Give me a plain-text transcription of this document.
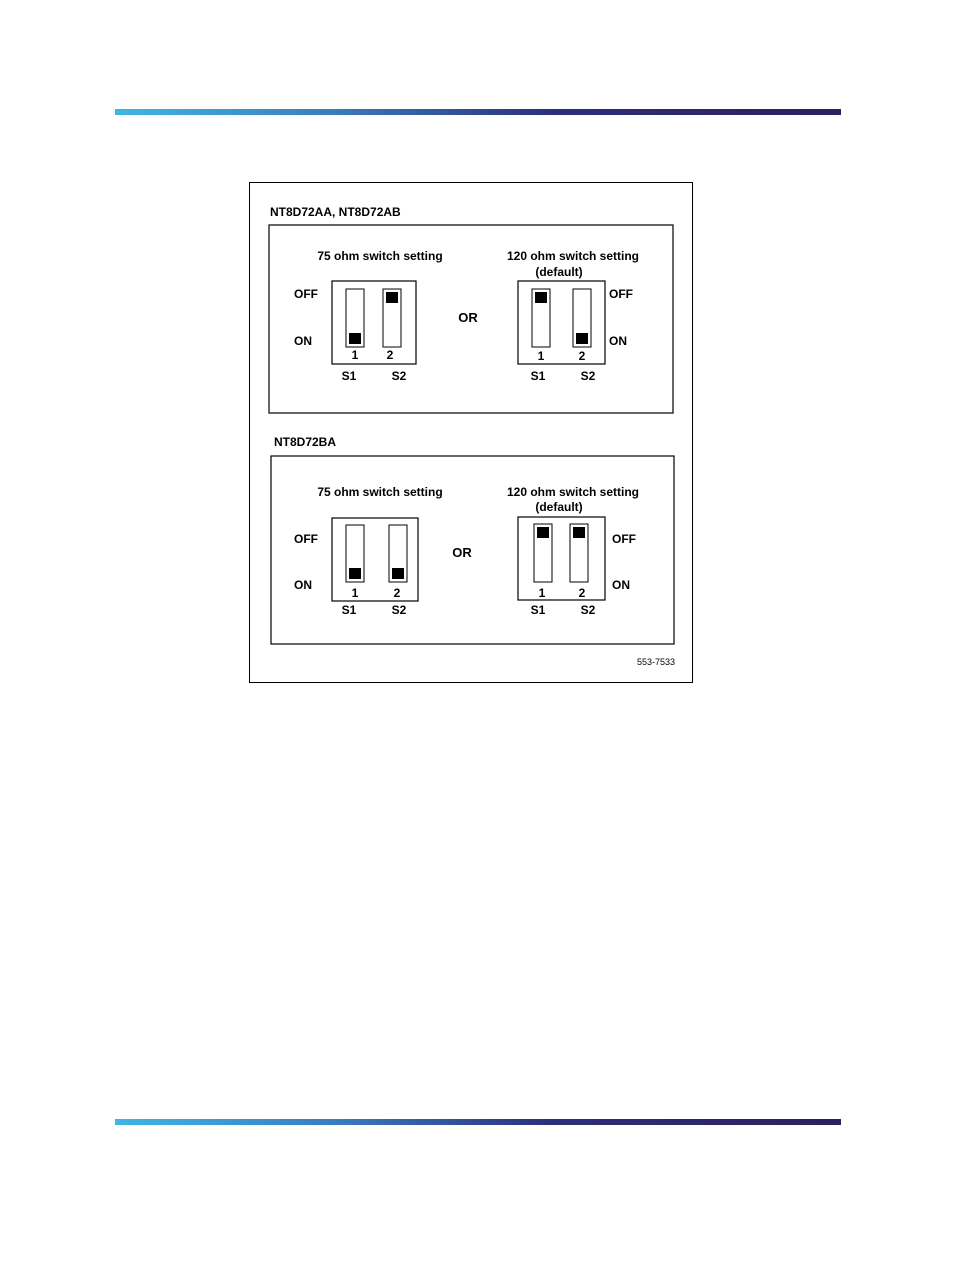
NT8D72AA, NT8D72AB
75 ohm switch setting
OFF
ON
1 2
S1	S2
OR
120 ohm switch setting
(default)
1	2
S1	S2
OFF
ON
NT8D72BA
75 ohm switch setting
OFF
ON
1	2
S1	S2
OR
120 ohm switch setting
(default)
1	2
S1	S2
OFF
ON
553-7533
